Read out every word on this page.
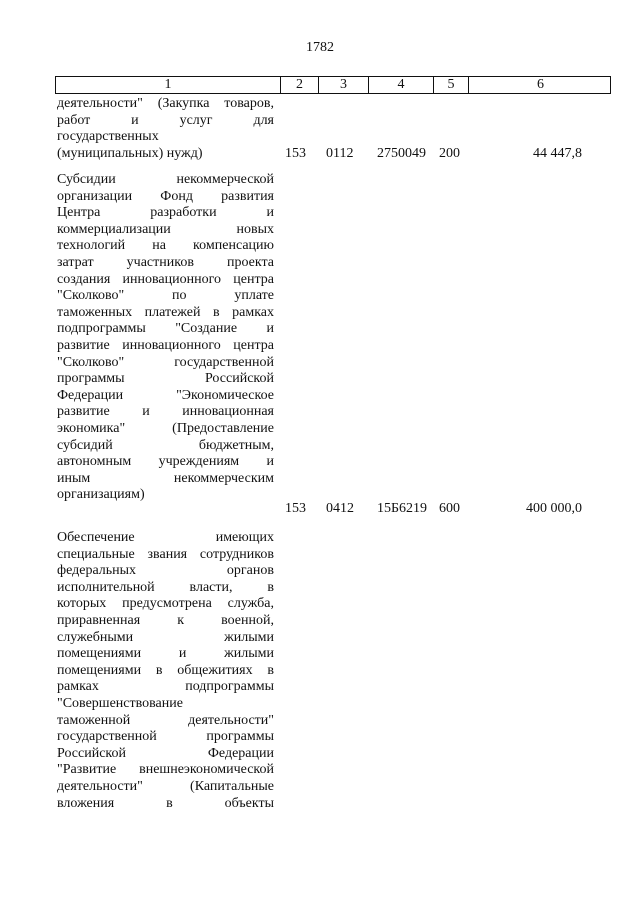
1782
1	2	3	4	5	6
деятельности" (Закупка товаров,
работ и услуг для
государственных
(муниципальных) нужд)	153 0112 2750049 200	44 447,8
Субсидии некоммерческой
организации Фонд развития
Центра разработки и
коммерциализации новых
технологий на компенсацию
затрат участников проекта
создания инновационного центра
"Сколково" по уплате
таможенных платежей в рамках
подпрограммы "Создание и
развитие инновационного центра
"Сколково" государственной
программы Российской
Федерации "Экономическое
развитие и инновационная
экономика" (Предоставление
субсидий бюджетным,
автономным учреждениям и
иным некоммерческим
организациям)
153 0412 15Б6219 600	400 000,0
Обеспечение имеющих
специальные звания сотрудников
федеральных органов
исполнительной власти, в
которых предусмотрена служба,
приравненная к военной,
служебными жилыми
помещениями и жилыми
помещениями в общежитиях в
рамках подпрограммы
"Совершенствование
таможенной деятельности"
государственной программы
Российской Федерации
"Развитие внешнеэкономической
деятельности" (Капитальные
вложения в объекты
